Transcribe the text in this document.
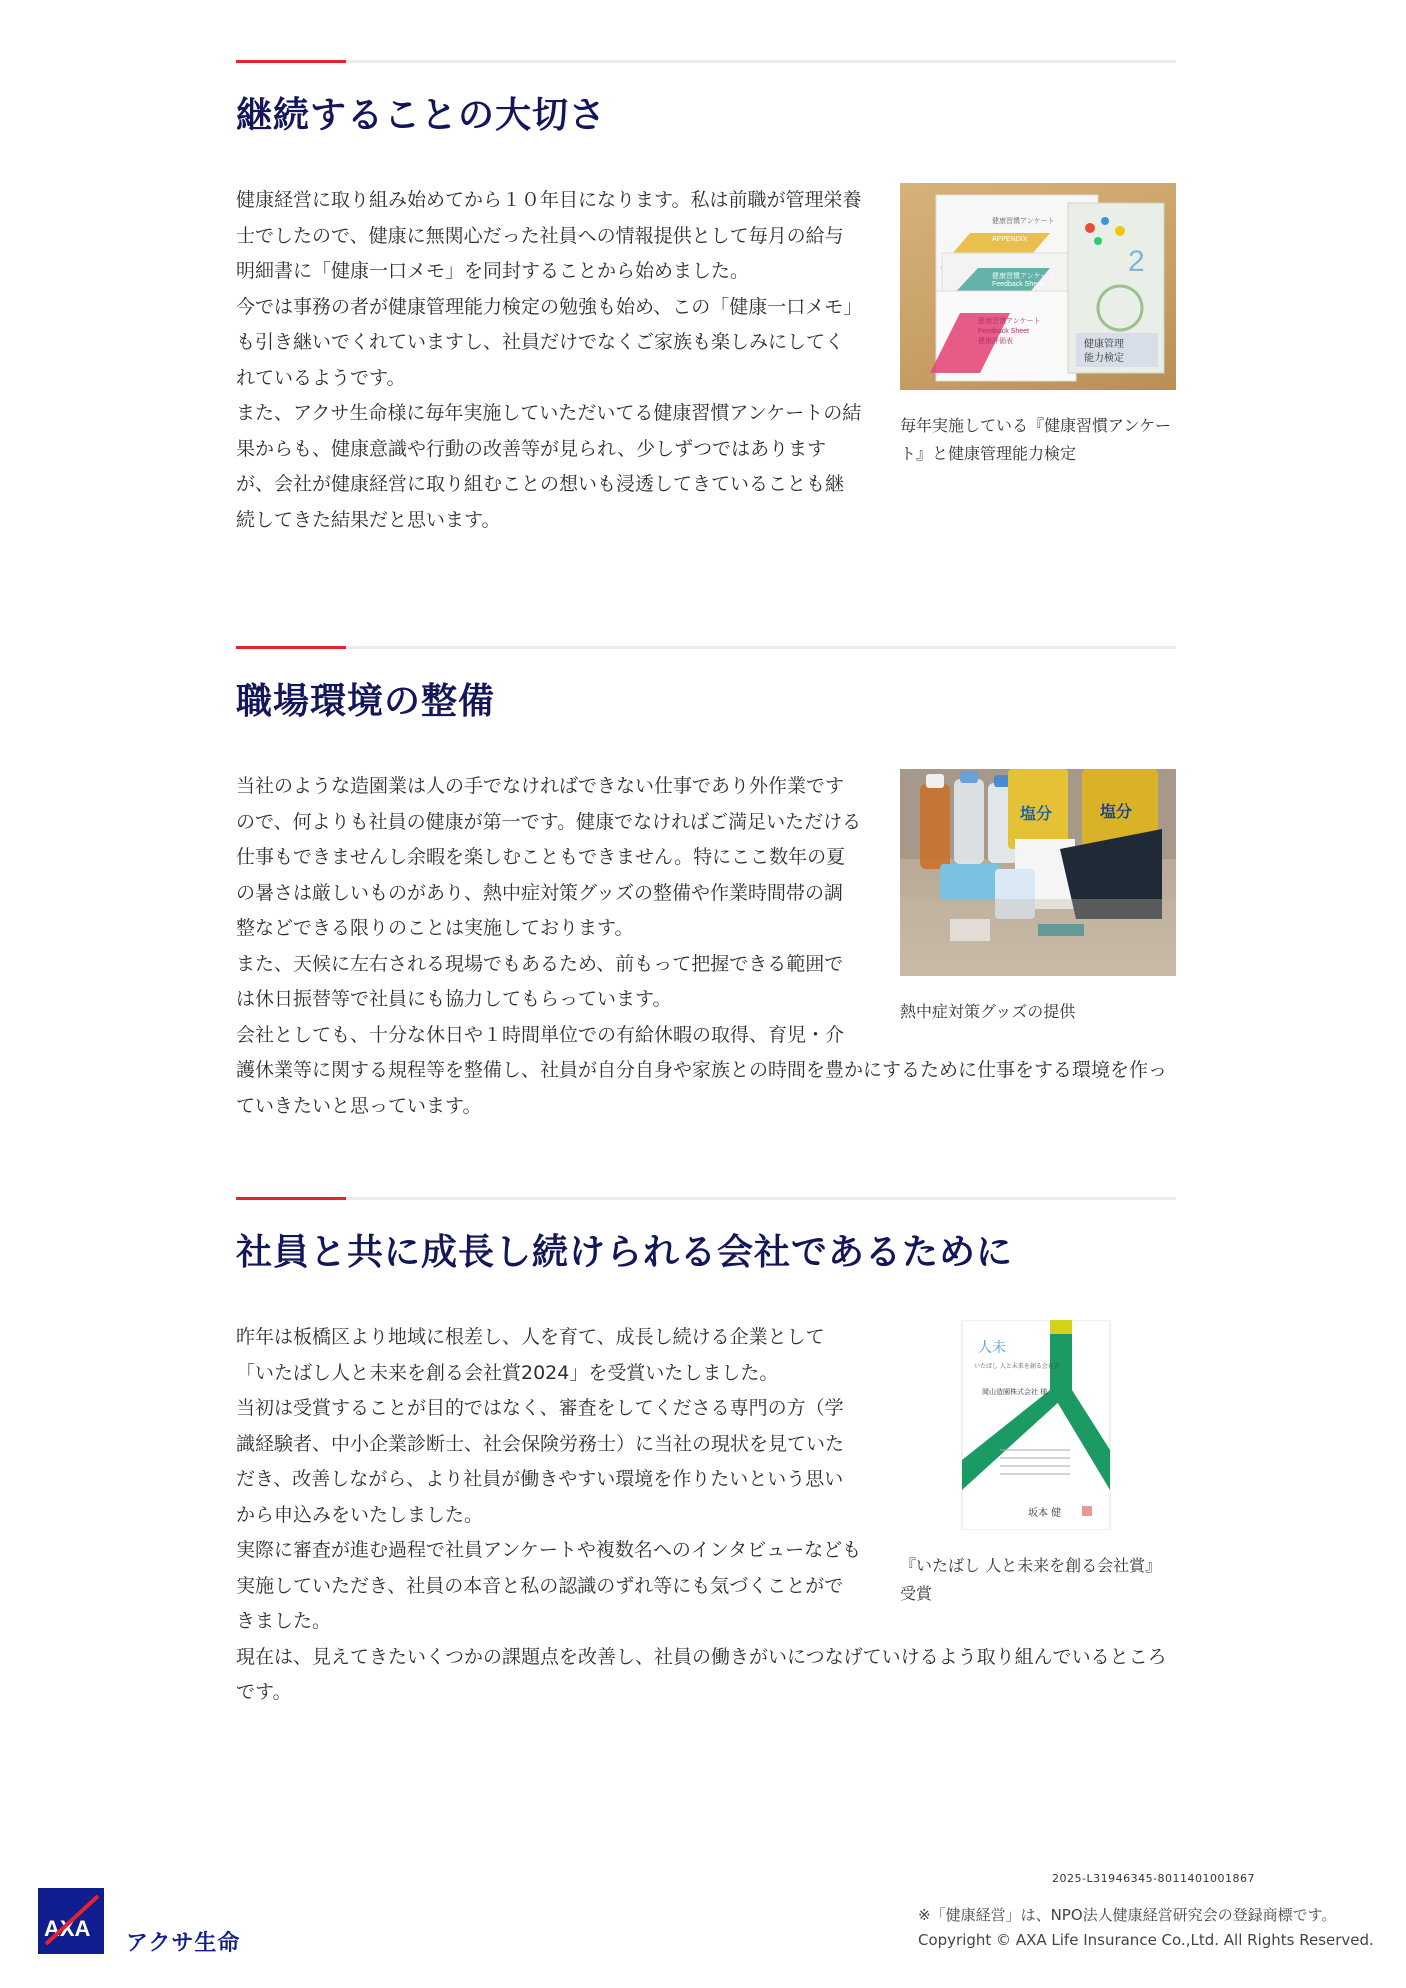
継続することの大切さ
健康習慣アンケート
Feedback Sheet
APPENDIX
健康習慣アンケート
Feedback Sheet
健康習慣アンケート
Feedback Sheet
健康評価表
2
健康管理
能力検定
毎年実施している『健康習慣アンケート』と健康管理能力検定

健康経営に取り組み始めてから１０年目になります。私は前職が管理栄養士でしたので、健康に無関心だった社員への情報提供として毎月の給与明細書に「健康一口メモ」を同封することから始めました。

今では事務の者が健康管理能力検定の勉強も始め、この「健康一口メモ」も引き継いでくれていますし、社員だけでなくご家族も楽しみにしてくれているようです。

また、アクサ生命様に毎年実施していただいてる健康習慣アンケートの結果からも、健康意識や行動の改善等が見られ、少しずつではありますが、会社が健康経営に取り組むことの想いも浸透してきていることも継続してきた結果だと思います。

職場環境の整備
塩分	塩分
熱中症対策グッズの提供

当社のような造園業は人の手でなければできない仕事であり外作業ですので、何よりも社員の健康が第一です。健康でなければご満足いただける仕事もできませんし余暇を楽しむこともできません。特にここ数年の夏の暑さは厳しいものがあり、熱中症対策グッズの整備や作業時間帯の調整などできる限りのことは実施しております。

また、天候に左右される現場でもあるため、前もって把握できる範囲では休日振替等で社員にも協力してもらっています。

会社としても、十分な休日や１時間単位での有給休暇の取得、育児・介護休業等に関する規程等を整備し、社員が自分自身や家族との時間を豊かにするために仕事をする環境を作っていきたいと思っています。

社員と共に成長し続けられる会社であるために
人未
いたばし 人と未来を創る会社賞
岡山造園株式会社 様
坂本 健
『いたばし 人と未来を創る会社賞』受賞

昨年は板橋区より地域に根差し、人を育て、成長し続ける企業として「いたばし人と未来を創る会社賞2024」を受賞いたしました。

当初は受賞することが目的ではなく、審査をしてくださる専門の方（学識経験者、中小企業診断士、社会保険労務士）に当社の現状を見ていただき、改善しながら、より社員が働きやすい環境を作りたいという思いから申込みをいたしました。

実際に審査が進む過程で社員アンケートや複数名へのインタビューなども実施していただき、社員の本音と私の認識のずれ等にも気づくことができました。

現在は、見えてきたいくつかの課題点を改善し、社員の働きがいにつなげていけるよう取り組んでいるところです。

2025-L31946345-8011401001867
※「健康経営」は、NPO法人健康経営研究会の登録商標です。
Copyright © AXA Life Insurance Co.,Ltd. All Rights Reserved.
AXA
アクサ生命
